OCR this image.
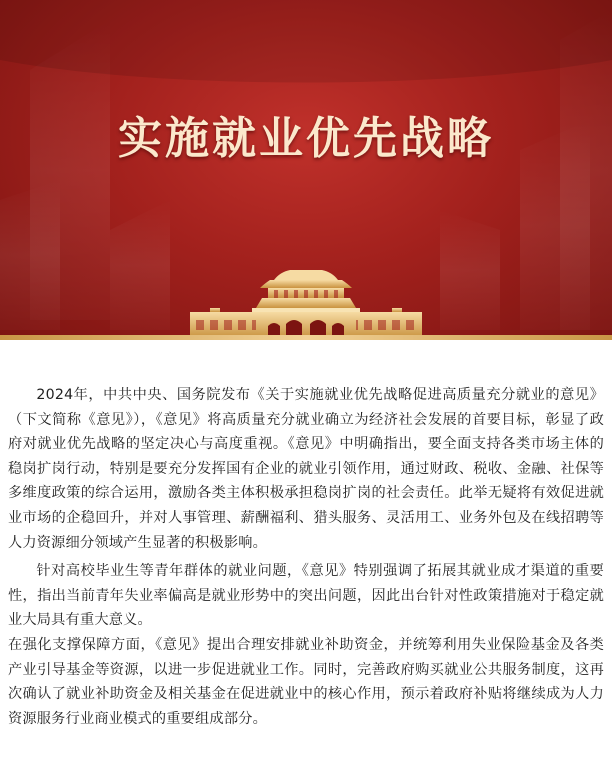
实施就业优先战略

2024年，中共中央、国务院发布《关于实施就业优先战略促进高质量充分就业的意见》（下文简称《意见》），《意见》将高质量充分就业确立为经济社会发展的首要目标，彰显了政府对就业优先战略的坚定决心与高度重视。《意见》中明确指出，要全面支持各类市场主体的稳岗扩岗行动，特别是要充分发挥国有企业的就业引领作用，通过财政、税收、金融、社保等多维度政策的综合运用，激励各类主体积极承担稳岗扩岗的社会责任。此举无疑将有效促进就业市场的企稳回升，并对人事管理、薪酬福利、猎头服务、灵活用工、业务外包及在线招聘等人力资源细分领域产生显著的积极影响。

针对高校毕业生等青年群体的就业问题，《意见》特别强调了拓展其就业成才渠道的重要性，指出当前青年失业率偏高是就业形势中的突出问题，因此出台针对性政策措施对于稳定就业大局具有重大意义。

在强化支撑保障方面，《意见》提出合理安排就业补助资金，并统筹利用失业保险基金及各类产业引导基金等资源，以进一步促进就业工作。同时，完善政府购买就业公共服务制度，这再次确认了就业补助资金及相关基金在促进就业中的核心作用，预示着政府补贴将继续成为人力资源服务行业商业模式的重要组成部分。
